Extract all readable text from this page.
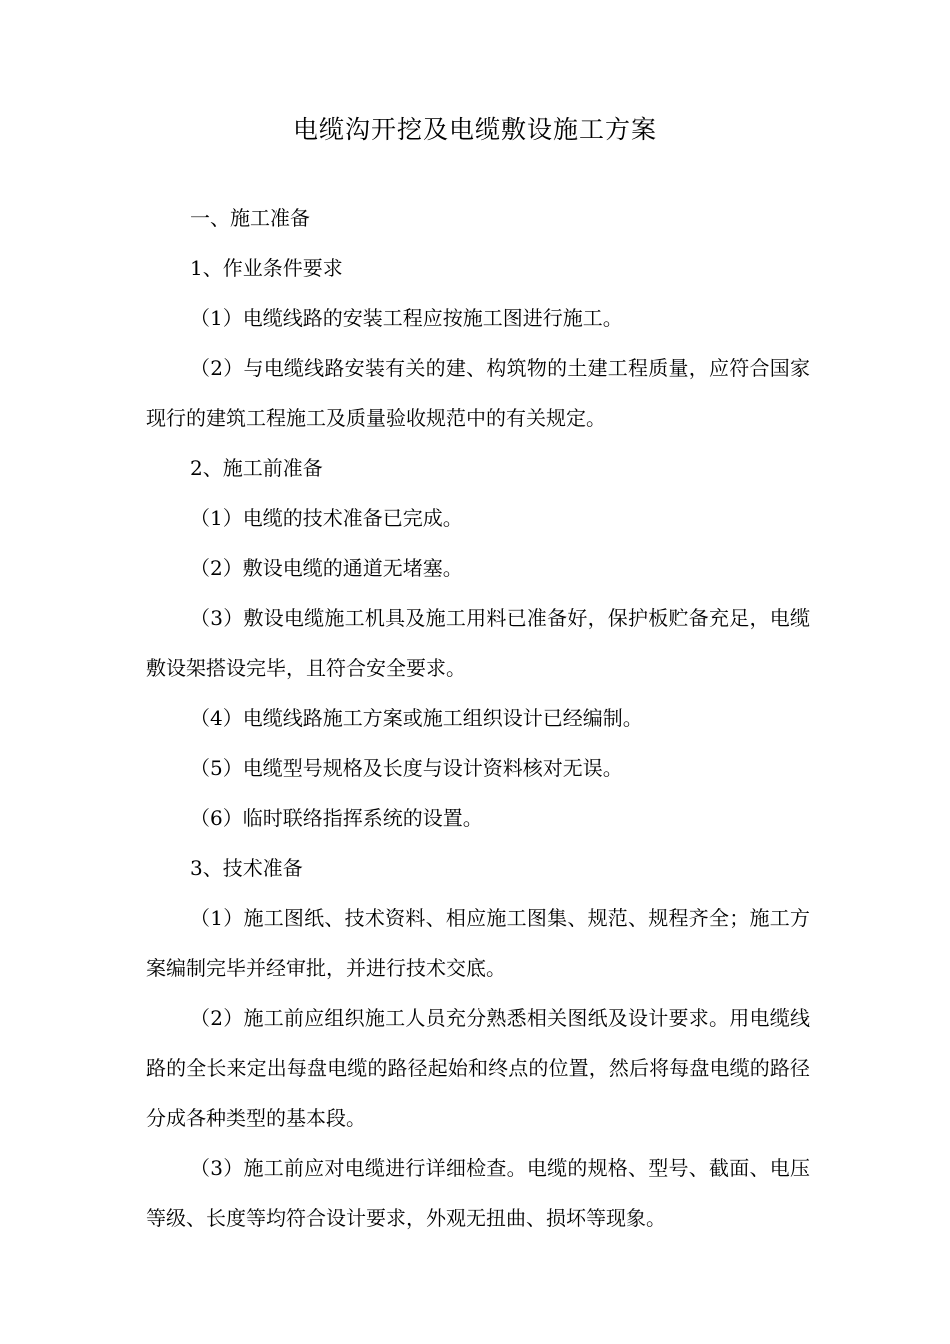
电缆沟开挖及电缆敷设施工方案

一、施工准备

1、作业条件要求

（1）电缆线路的安装工程应按施工图进行施工。

（2）与电缆线路安装有关的建、构筑物的土建工程质量，应符合国家现行的建筑工程施工及质量验收规范中的有关规定。

2、施工前准备

（1）电缆的技术准备已完成。

（2）敷设电缆的通道无堵塞。

（3）敷设电缆施工机具及施工用料已准备好，保护板贮备充足，电缆敷设架搭设完毕，且符合安全要求。

（4）电缆线路施工方案或施工组织设计已经编制。

（5）电缆型号规格及长度与设计资料核对无误。

（6）临时联络指挥系统的设置。

3、技术准备

（1）施工图纸、技术资料、相应施工图集、规范、规程齐全；施工方案编制完毕并经审批，并进行技术交底。

（2）施工前应组织施工人员充分熟悉相关图纸及设计要求。用电缆线路的全长来定出每盘电缆的路径起始和终点的位置，然后将每盘电缆的路径分成各种类型的基本段。

（3）施工前应对电缆进行详细检查。电缆的规格、型号、截面、电压等级、长度等均符合设计要求，外观无扭曲、损坏等现象。
